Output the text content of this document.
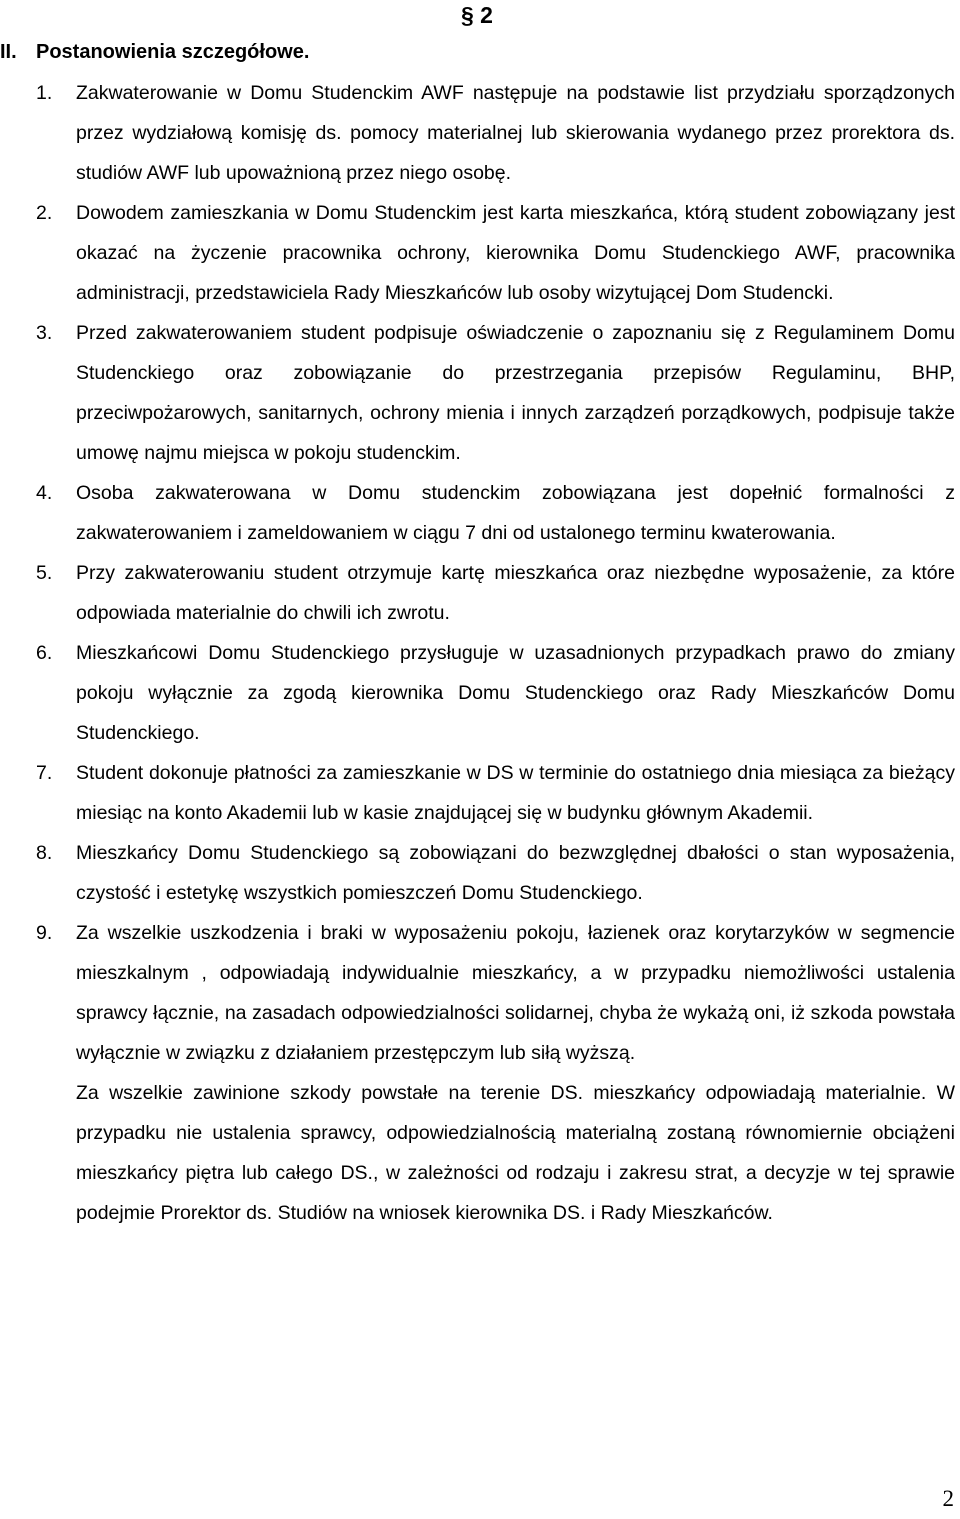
§ 2
II. Postanowienia szczegółowe.
1.	Zakwaterowanie w Domu Studenckim AWF następuje na podstawie list przydziału sporządzonych przez wydziałową komisję ds. pomocy materialnej lub skierowania wydanego przez prorektora ds. studiów AWF lub upoważnioną przez niego osobę.
2.	Dowodem zamieszkania w Domu Studenckim jest karta mieszkańca, którą student zobowiązany jest okazać na życzenie pracownika ochrony, kierownika Domu Studenckiego AWF, pracownika administracji, przedstawiciela Rady Mieszkańców lub osoby wizytującej Dom Studencki.
3.	Przed zakwaterowaniem student podpisuje oświadczenie o zapoznaniu się z Regulaminem Domu Studenckiego oraz zobowiązanie do przestrzegania przepisów Regulaminu, BHP, przeciwpożarowych, sanitarnych, ochrony mienia i innych zarządzeń porządkowych, podpisuje także umowę najmu miejsca w pokoju studenckim.
4.	Osoba zakwaterowana w Domu studenckim zobowiązana jest dopełnić formalności z zakwaterowaniem i zameldowaniem w ciągu 7 dni od ustalonego terminu kwaterowania.
5.	Przy zakwaterowaniu student otrzymuje kartę mieszkańca oraz niezbędne wyposażenie, za które odpowiada materialnie do chwili ich zwrotu.
6.	Mieszkańcowi Domu Studenckiego przysługuje w uzasadnionych przypadkach prawo do zmiany pokoju wyłącznie za zgodą kierownika Domu Studenckiego oraz Rady Mieszkańców Domu Studenckiego.
7.	Student dokonuje płatności za zamieszkanie w DS w terminie do ostatniego dnia miesiąca za bieżący miesiąc na konto Akademii lub w kasie znajdującej się w budynku głównym Akademii.
8.	Mieszkańcy Domu Studenckiego są zobowiązani do bezwzględnej dbałości o stan wyposażenia, czystość i estetykę wszystkich pomieszczeń Domu Studenckiego.
9.	Za wszelkie uszkodzenia i braki w wyposażeniu pokoju, łazienek oraz korytarzyków w segmencie mieszkalnym , odpowiadają indywidualnie mieszkańcy, a w przypadku niemożliwości ustalenia sprawcy łącznie, na zasadach odpowiedzialności solidarnej, chyba że wykażą oni, iż szkoda powstała wyłącznie w związku z działaniem przestępczym lub siłą wyższą.
Za wszelkie zawinione szkody powstałe na terenie DS. mieszkańcy odpowiadają materialnie. W przypadku nie ustalenia sprawcy, odpowiedzialnością materialną zostaną równomiernie obciążeni mieszkańcy piętra lub całego DS., w zależności od rodzaju i zakresu strat, a decyzje w tej sprawie podejmie Prorektor ds. Studiów na wniosek kierownika DS. i Rady Mieszkańców.
2
